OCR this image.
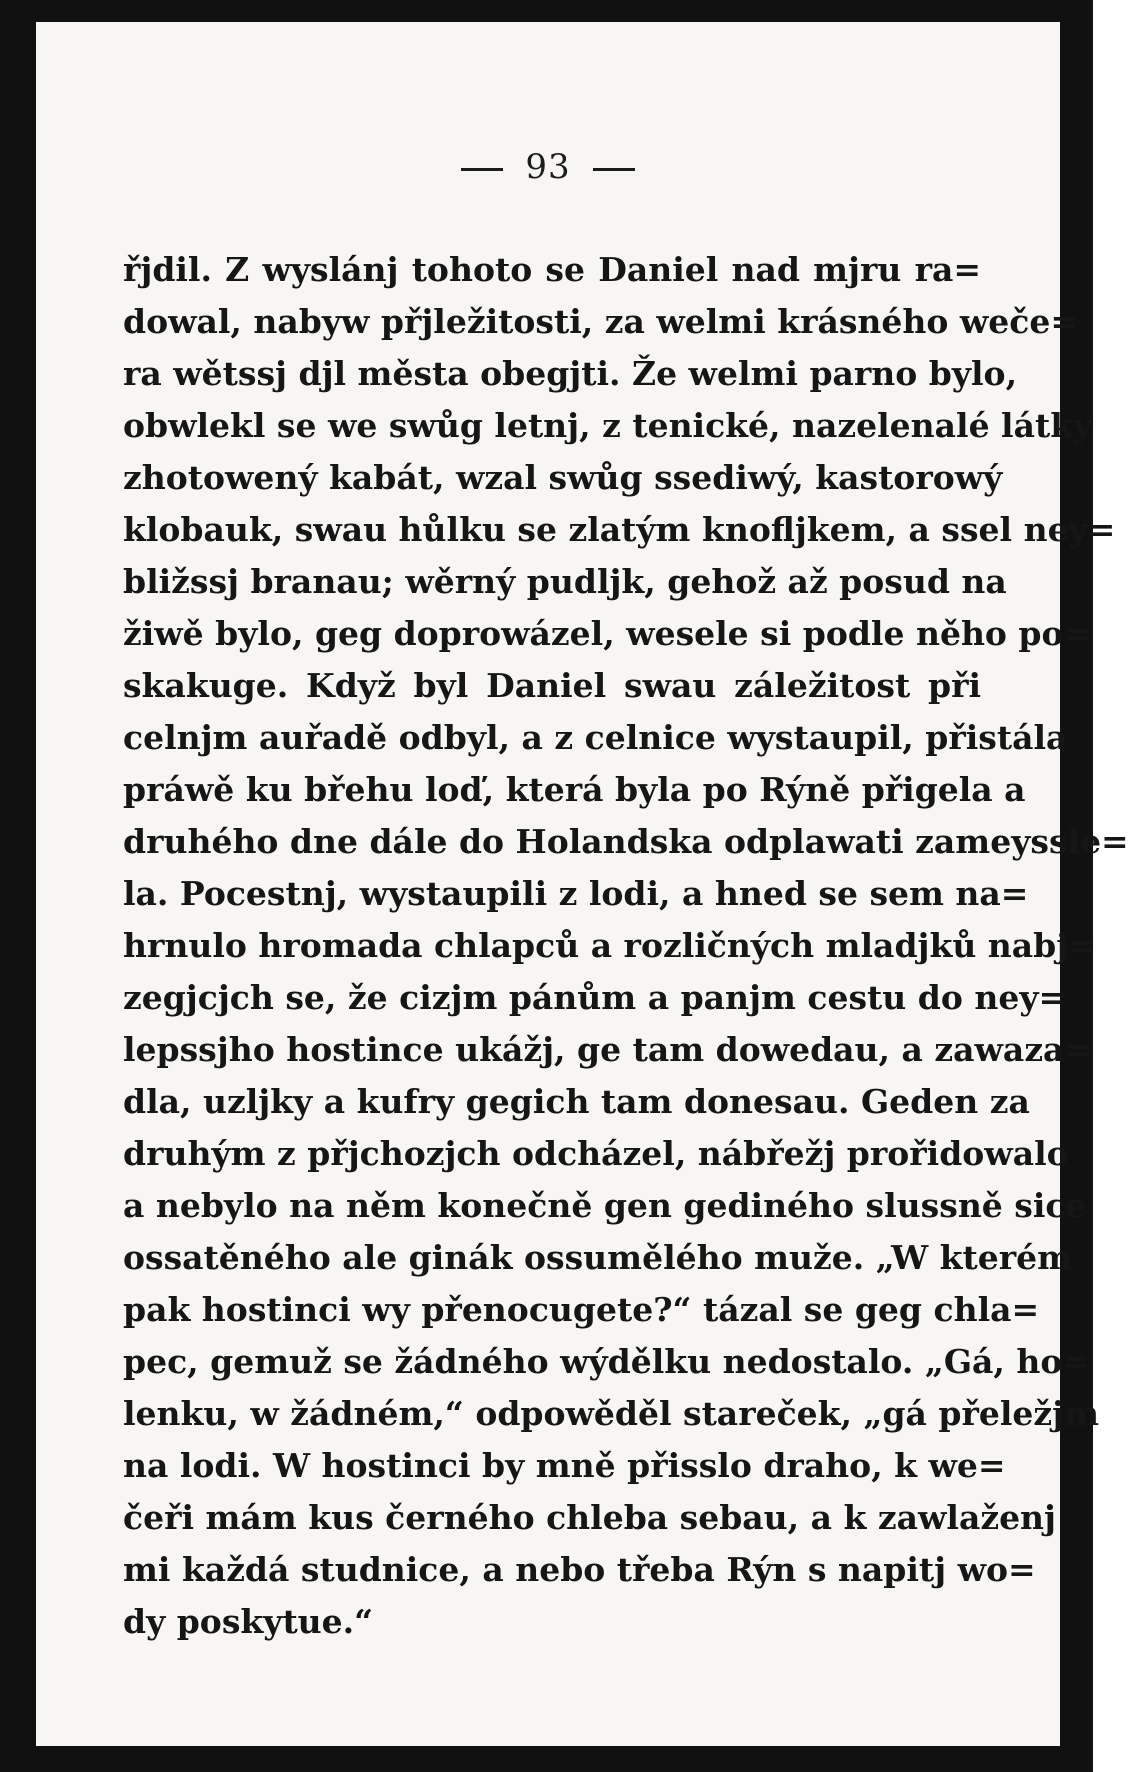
93
řjdil. Z wyslánj tohoto se Daniel nad mjru ra=
dowal, nabyw přjležitosti, za welmi krásného weče=
ra wětssj djl města obegjti. Že welmi parno bylo,
obwlekl se we swůg letnj, z tenické, nazelenalé látky
zhotowený kabát, wzal swůg ssediwý, kastorowý
klobauk, swau hůlku se zlatým knofljkem, a ssel ney=
bližssj branau; wěrný pudljk, gehož až posud na
žiwě bylo, geg doprowázel, wesele si podle něho po=
skakuge. Když byl Daniel swau záležitost při
celnjm auřadě odbyl, a z celnice wystaupil, přistála
práwě ku břehu loď, která byla po Rýně přigela a
druhého dne dále do Holandska odplawati zameyssle=
la. Pocestnj, wystaupili z lodi, a hned se sem na=
hrnulo hromada chlapců a rozličných mladjků nabj=
zegjcjch se, že cizjm pánům a panjm cestu do ney=
lepssjho hostince ukážj, ge tam dowedau, a zawaza=
dla, uzljky a kufry gegich tam donesau. Geden za
druhým z přjchozjch odcházel, nábřežj prořidowalo
a nebylo na něm konečně gen gediného slussně sice
ossatěného ale ginák ossuměléhо muže. „W kterém
pak hostinci wy přenocugete?“ tázal se geg chla=
pec, gemuž se žádného wýdělku nedostalo. „Gá, ho=
lenku, w žádném,“ odpowěděl stareček, „gá přeležjm
na lodi. W hostinci by mně přisslo draho, k we=
čeři mám kus černého chleba sebau, a k zawlaženj
mi každá studnice, a nebo třeba Rýn s napitj wo=
dy poskytue.“
